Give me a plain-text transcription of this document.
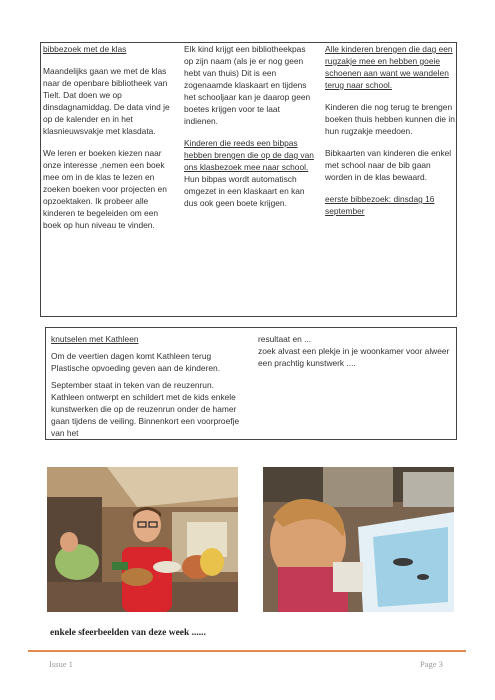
bibbezoek met de klas

Maandelijks gaan we met de klas naar de openbare bibliotheek van Tielt. Dat doen we op dinsdagnamiddag. De data vind je op de kalender en in het klasnieuwsvakje met klasdata.

We leren er boeken kiezen naar onze interesse ,nemen een boek mee om in de klas te lezen en zoeken boeken voor projecten en opzoektaken. Ik probeer alle kinderen te begeleiden om een boek op hun niveau te vinden.

Elk kind krijgt een bibliotheekpas op zijn naam (als je er nog geen hebt van thuis) Dit is een zogenaamde klaskaart en tijdens het schooljaar kan je daarop geen boetes krijgen voor te laat indienen.

Kinderen die reeds een bibpas hebben brengen die op de dag van ons klasbezoek mee naar school. Hun bibpas wordt automatisch omgezet in een klaskaart en kan dus ook geen boete krijgen.

Alle kinderen brengen die dag een rugzakje mee en hebben goeie schoenen aan want we wandelen terug naar school.

Kinderen die nog terug te brengen boeken thuis hebben kunnen die in hun rugzakje meedoen.

Bibkaarten van kinderen die enkel met school naar de bib gaan worden in de klas bewaard.

eerste bibbezoek: dinsdag 16 september

knutselen met Kathleen

Om de veertien dagen komt Kathleen terug Plastische opvoeding geven aan de kinderen.

September staat in teken van de reuzenrun. Kathleen ontwerpt en schildert met de kids enkele kunstwerken die op de reuzenrun onder de hamer gaan tijdens de veiling. Binnenkort een voorproefje van het

resultaat en ...

zoek alvast een plekje in je woonkamer voor alweer een prachtig kunstwerk ....

enkele sfeerbeelden van deze week ......
Issue 1	Page 3
